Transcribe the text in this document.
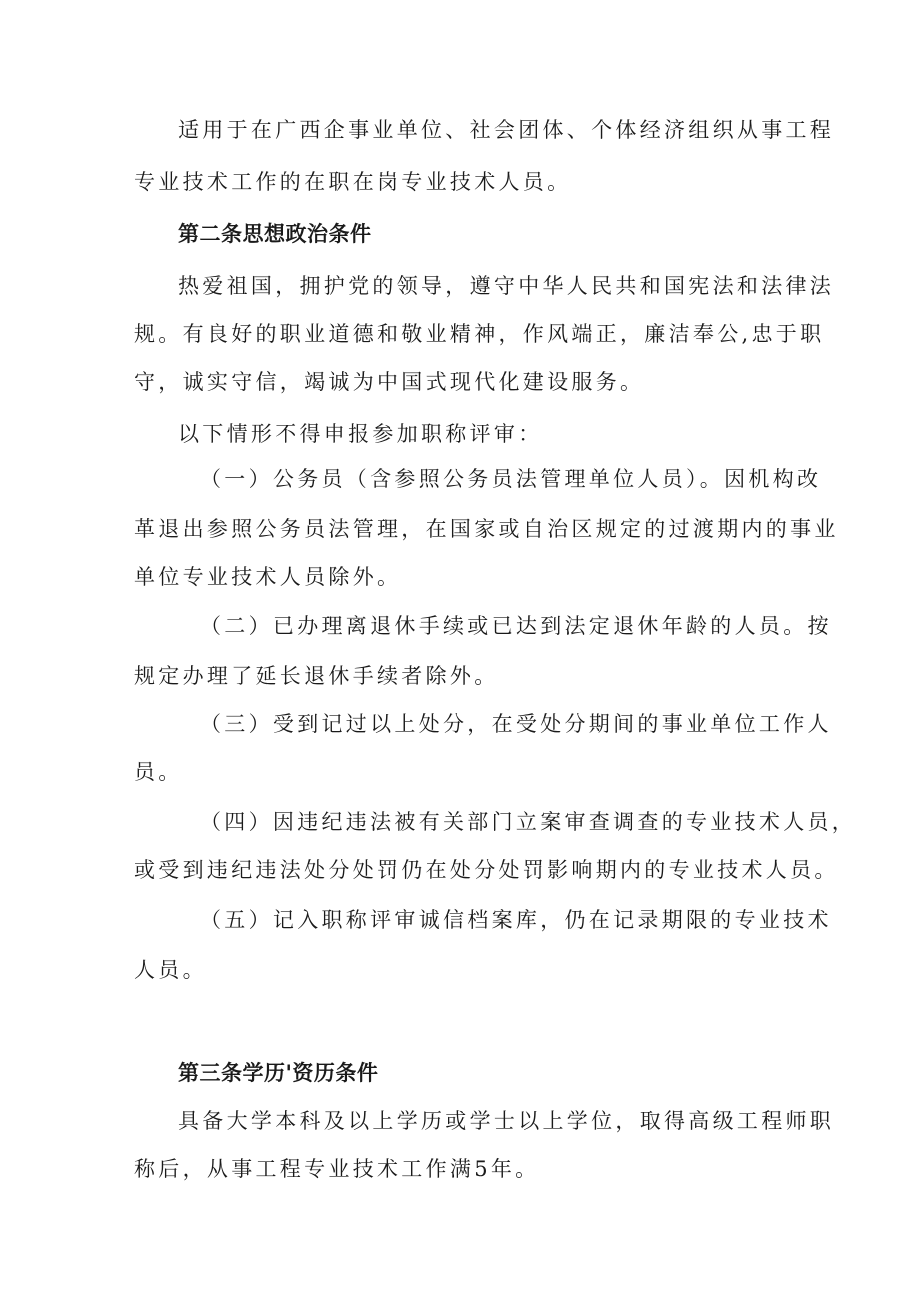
适用于在广西企事业单位、社会团体、个体经济组织从事工程
专业技术工作的在职在岗专业技术人员。
第二条思想政治条件
热爱祖国，拥护党的领导，遵守中华人民共和国宪法和法律法
规。有良好的职业道德和敬业精神，作风端正，廉洁奉公,忠于职
守，诚实守信，竭诚为中国式现代化建设服务。
以下情形不得申报参加职称评审：
（一）公务员（含参照公务员法管理单位人员）。因机构改
革退出参照公务员法管理，在国家或自治区规定的过渡期内的事业
单位专业技术人员除外。
（二）已办理离退休手续或已达到法定退休年龄的人员。按
规定办理了延长退休手续者除外。
（三）受到记过以上处分，在受处分期间的事业单位工作人
员。
（四）因违纪违法被有关部门立案审查调查的专业技术人员，
或受到违纪违法处分处罚仍在处分处罚影响期内的专业技术人员。
（五）记入职称评审诚信档案库，仍在记录期限的专业技术
人员。
第三条学历'资历条件
具备大学本科及以上学历或学士以上学位，取得高级工程师职
称后，从事工程专业技术工作满5年。
